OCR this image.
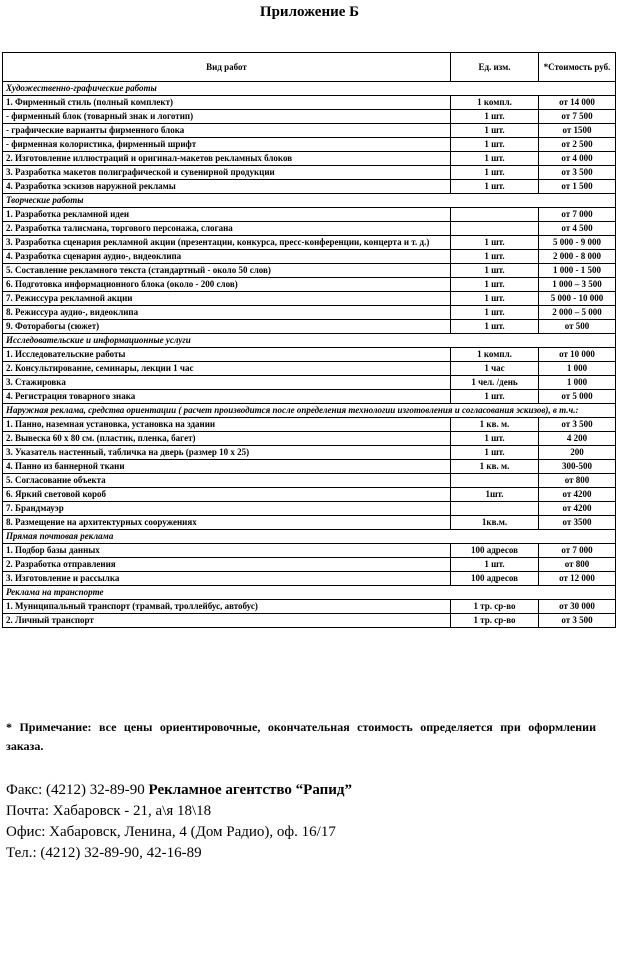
Приложение Б
Вид работ	Ед. изм.	*Стоимость руб.
Художественно-графические работы		
1. Фирменный стиль (полный комплект)	1 компл.	от 14 000
- фирменный блок (товарный знак и логотип)	1 шт.	от 7 500
- графические варианты фирменного блока	1 шт.	от 1500
- фирменная колористика, фирменный шрифт	1 шт.	от 2 500
2. Изготовление иллюстраций и оригинал-макетов рекламных блоков	1 шт.	от 4 000
3. Разработка макетов полиграфической и сувенирной продукции	1 шт.	от 3 500
4. Разработка эскизов наружной рекламы	1 шт.	от 1 500
Творческие работы		
1. Разработка рекламной идеи		от 7 000
2. Разработка талисмана, торгового персонажа, слогана		от 4 500
3. Разработка сценария рекламной акции (презентации, конкурса, пресс-конференции, концерта и т. д.)	1 шт.	5 000 - 9 000
4. Разработка сценария аудио-, видеоклипа	1 шт.	2 000 - 8 000
5. Составление рекламного текста (стандартный - около 50 слов)	1 шт.	1 000 - 1 500
6. Подготовка информационного блока (около - 200 слов)	1 шт.	1 000 – 3 500
7. Режиссура рекламной акции	1 шт.	5 000 - 10 000
8. Режиссура аудио-, видеоклипа	1 шт.	2 000 – 5 000
9. Фоторабогы (сюжет)	1 шт.	от 500
Исследовательские и информационные услуги		
1. Исследовательские работы	1 компл.	от 10 000
2. Консультирование, семинары, лекции 1 час	1 час	1 000
3. Стажировка	1 чел. /день	1 000
4. Регистрация товарного знака	1 шт.	от 5 000
Наружная реклама, средства ориентации ( расчет производится после определения технологии изготовления и согласования эскизов), в т.ч.:		
1. Панно, наземная установка, установка на здании	1 кв. м.	от 3 500
2. Вывеска 60 х 80 см. (пластик, пленка, багет)	1 шт.	4 200
3. Указатель настенный, табличка на дверь (размер 10 х 25)	1 шт.	200
4. Панно из баннерной ткани	1 кв. м.	300-500
5. Согласование объекта		от 800
6. Яркий световой короб	1шт.	от 4200
7. Брандмауэр		от 4200
8. Размещение на архитектурных сооружениях	1кв.м.	от 3500
Прямая почтовая реклама		
1. Подбор базы данных	100 адресов	от 7 000
2. Разработка отправления	1 шт.	от 800
3. Изготовление и рассылка	100 адресов	от 12 000
Реклама на транспорте		
1. Муниципальный транспорт (трамвай, троллейбус, автобус)	1 тр. ср-во	от 30 000
2. Личный транспорт	1 тр. ср-во	от 3 500
* Примечание: все цены ориентировочные, окончательная стоимость определяется при оформлении заказа.
Факс: (4212) 32-89-90 Рекламное агентство “Рапид”
Почта: Хабаровск - 21, а\я 18\18
Офис: Хабаровск, Ленина, 4 (Дом Радио), оф. 16/17
Тел.: (4212) 32-89-90, 42-16-89
